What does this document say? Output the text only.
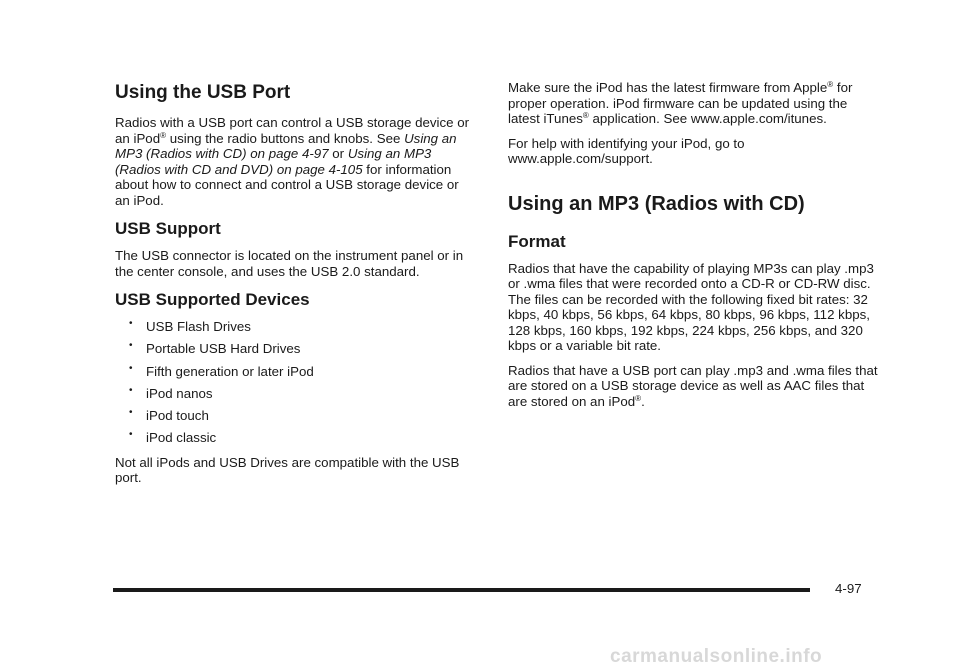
Using the USB Port

Radios with a USB port can control a USB storage device or an iPod® using the radio buttons and knobs. See Using an MP3 (Radios with CD) on page 4‑97 or Using an MP3 (Radios with CD and DVD) on page 4‑105 for information about how to connect and control a USB storage device or an iPod.

USB Support

The USB connector is located on the instrument panel or in the center console, and uses the USB 2.0 standard.

USB Supported Devices
• USB Flash Drives
• Portable USB Hard Drives
• Fifth generation or later iPod
• iPod nanos
• iPod touch
• iPod classic

Not all iPods and USB Drives are compatible with the USB port.

Make sure the iPod has the latest firmware from Apple® for proper operation. iPod firmware can be updated using the latest iTunes® application. See www.apple.com/itunes.

For help with identifying your iPod, go to www.apple.com/support.

Using an MP3 (Radios with CD)
Format

Radios that have the capability of playing MP3s can play .mp3 or .wma files that were recorded onto a CD-R or CD-RW disc. The files can be recorded with the following fixed bit rates: 32 kbps, 40 kbps, 56 kbps, 64 kbps, 80 kbps, 96 kbps, 112 kbps, 128 kbps, 160 kbps, 192 kbps, 224 kbps, 256 kbps, and 320 kbps or a variable bit rate.

Radios that have a USB port can play .mp3 and .wma files that are stored on a USB storage device as well as AAC files that are stored on an iPod®.

4-97
carmanualsonline.info
